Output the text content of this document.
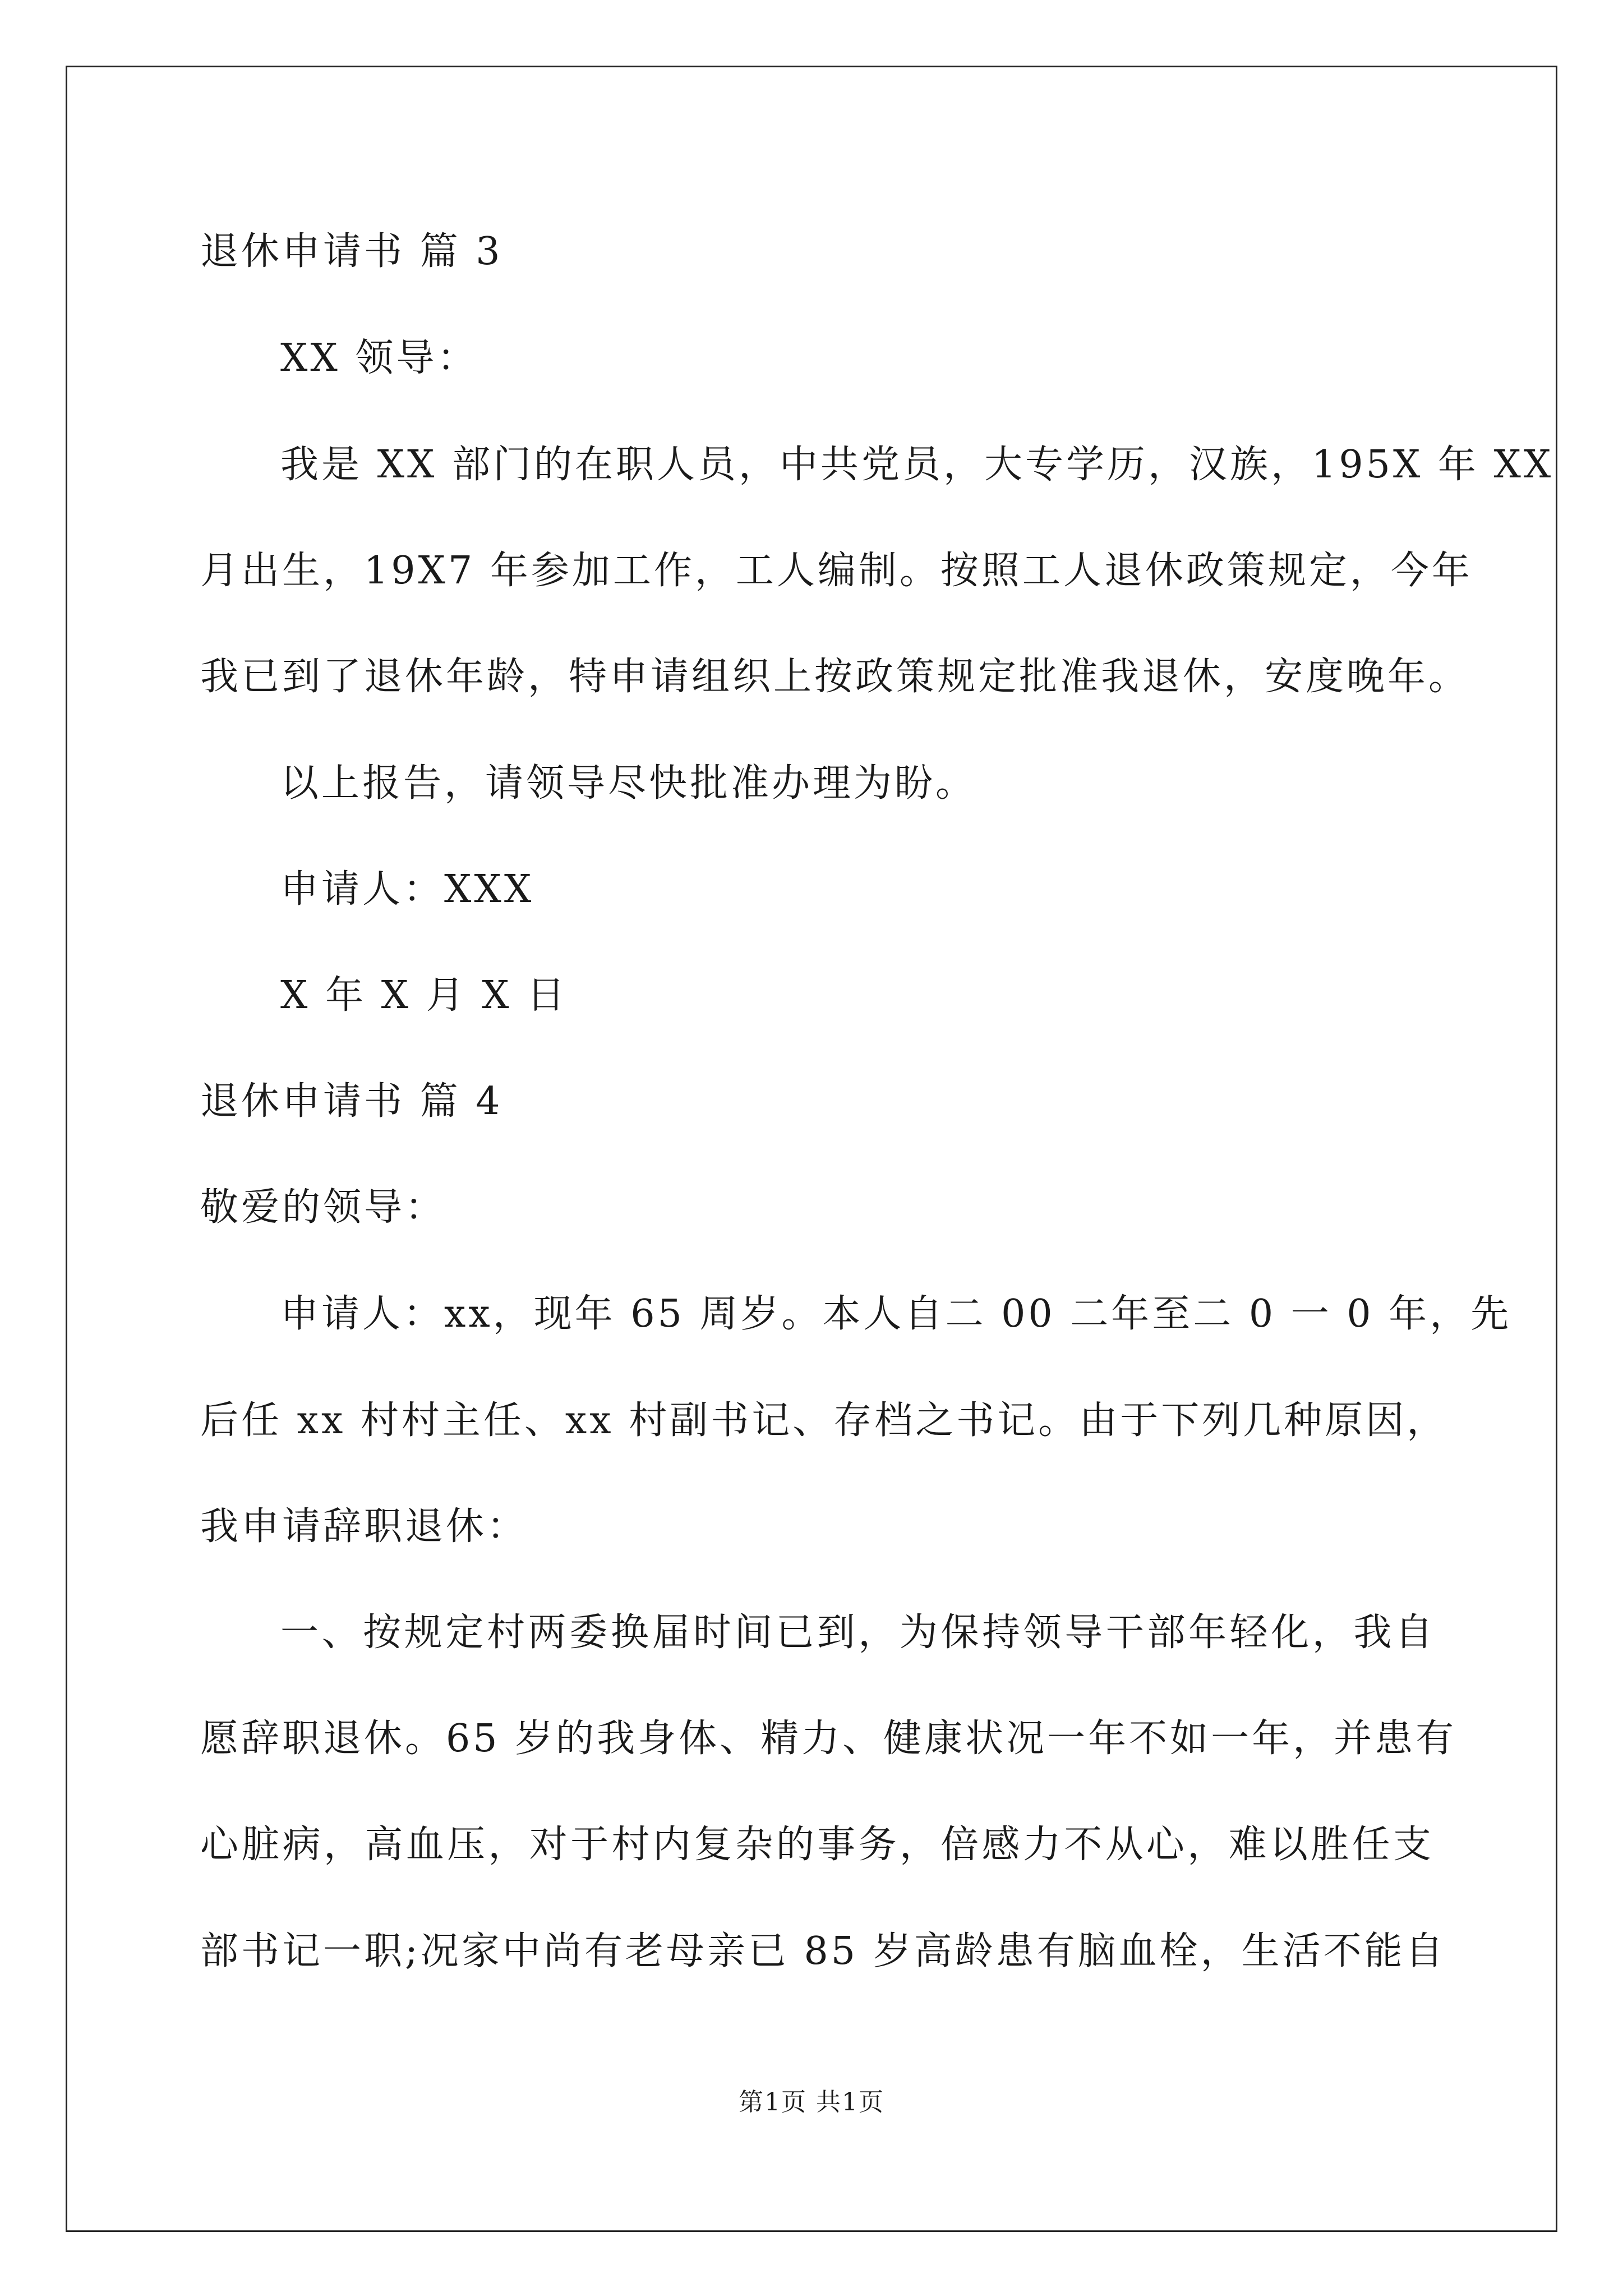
退休申请书 篇 3
XX 领导：
我是 XX 部门的在职人员，中共党员，大专学历，汉族，195X 年 XX
月出生，19X7 年参加工作，工人编制。按照工人退休政策规定，今年
我已到了退休年龄，特申请组织上按政策规定批准我退休，安度晚年。
以上报告，请领导尽快批准办理为盼。
申请人：XXX
X 年 X 月 X 日
退休申请书 篇 4
敬爱的领导：
申请人：xx，现年 65 周岁。本人自二 00 二年至二 0 一 0 年，先
后任 xx 村村主任、xx 村副书记、存档之书记。由于下列几种原因，
我申请辞职退休：
一、按规定村两委换届时间已到，为保持领导干部年轻化，我自
愿辞职退休。65 岁的我身体、精力、健康状况一年不如一年，并患有
心脏病，高血压，对于村内复杂的事务，倍感力不从心，难以胜任支
部书记一职;况家中尚有老母亲已 85 岁高龄患有脑血栓，生活不能自
第1页 共1页
